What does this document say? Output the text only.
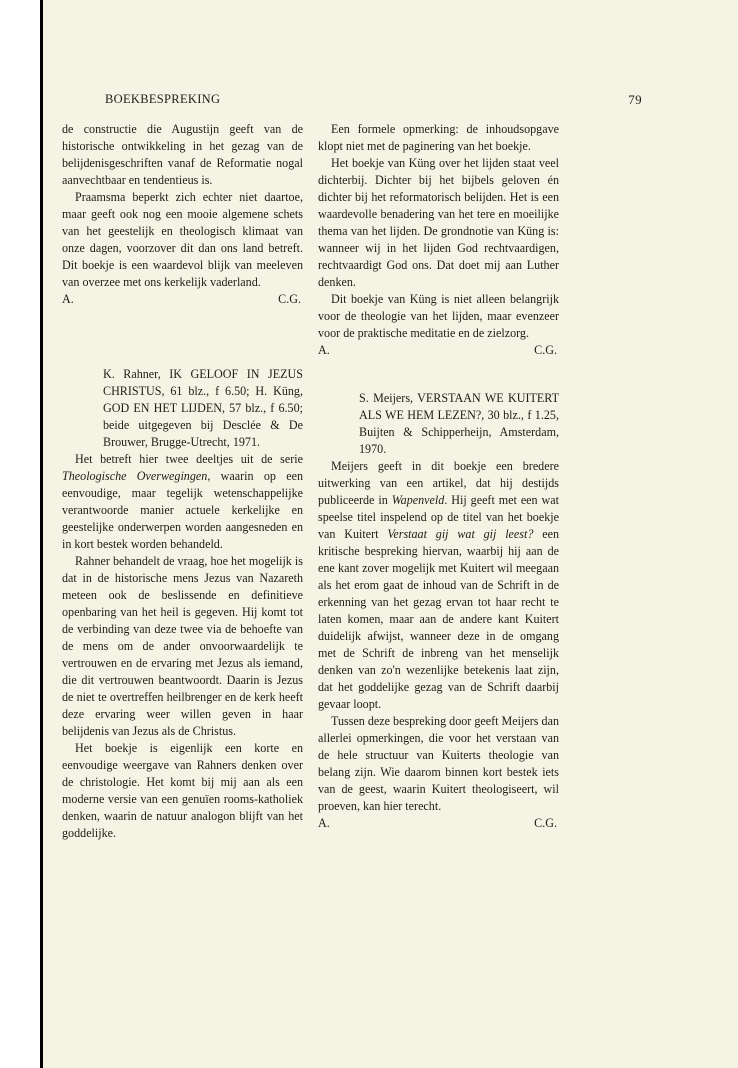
BOEKBESPREKING	79

de constructie die Augustijn geeft van de historische ontwikkeling in het gezag van de belijdenisgeschriften vanaf de Reformatie nogal aanvechtbaar en tendentieus is.

Praamsma beperkt zich echter niet daartoe, maar geeft ook nog een mooie algemene schets van het geestelijk en theologisch klimaat van onze dagen, voorzover dit dan ons land betreft. Dit boekje is een waardevol blijk van meeleven van overzee met ons kerkelijk vaderland.

A.	C.G.

K. Rahner, IK GELOOF IN JEZUS CHRISTUS, 61 blz., f 6.50; H. Küng, GOD EN HET LIJDEN, 57 blz., f 6.50; beide uitgegeven bij Desclée & De Brouwer, Brugge-Utrecht, 1971.

Het betreft hier twee deeltjes uit de serie Theologische Overwegingen, waarin op een eenvoudige, maar tegelijk wetenschappelijke verantwoorde manier actuele kerkelijke en geestelijke onderwerpen worden aangesneden en in kort bestek worden behandeld.

Rahner behandelt de vraag, hoe het mogelijk is dat in de historische mens Jezus van Nazareth meteen ook de beslissende en definitieve openbaring van het heil is gegeven. Hij komt tot de verbinding van deze twee via de behoefte van de mens om de ander onvoorwaardelijk te vertrouwen en de ervaring met Jezus als iemand, die dit vertrouwen beantwoordt. Daarin is Jezus de niet te overtreffen heilbrenger en de kerk heeft deze ervaring weer willen geven in haar belijdenis van Jezus als de Christus.

Het boekje is eigenlijk een korte en eenvoudige weergave van Rahners denken over de christologie. Het komt bij mij aan als een moderne versie van een genuïen rooms-katholiek denken, waarin de natuur analogon blijft van het goddelijke.

Een formele opmerking: de inhoudsopgave klopt niet met de paginering van het boekje.

Het boekje van Küng over het lijden staat veel dichterbij. Dichter bij het bijbels geloven én dichter bij het reformatorisch belijden. Het is een waardevolle benadering van het tere en moeilijke thema van het lijden. De grondnotie van Küng is: wanneer wij in het lijden God rechtvaardigen, rechtvaardigt God ons. Dat doet mij aan Luther denken.

Dit boekje van Küng is niet alleen belangrijk voor de theologie van het lijden, maar evenzeer voor de praktische meditatie en de zielzorg.

A.	C.G.

S. Meijers, VERSTAAN WE KUITERT ALS WE HEM LEZEN?, 30 blz., f 1.25, Buijten & Schipperheijn, Amsterdam, 1970.

Meijers geeft in dit boekje een bredere uitwerking van een artikel, dat hij destijds publiceerde in Wapenveld. Hij geeft met een wat speelse titel inspelend op de titel van het boekje van Kuitert Verstaat gij wat gij leest? een kritische bespreking hiervan, waarbij hij aan de ene kant zover mogelijk met Kuitert wil meegaan als het erom gaat de inhoud van de Schrift in de erkenning van het gezag ervan tot haar recht te laten komen, maar aan de andere kant Kuitert duidelijk afwijst, wanneer deze in de omgang met de Schrift de inbreng van het menselijk denken van zo'n wezenlijke betekenis laat zijn, dat het goddelijke gezag van de Schrift daarbij gevaar loopt.

Tussen deze bespreking door geeft Meijers dan allerlei opmerkingen, die voor het verstaan van de hele structuur van Kuiterts theologie van belang zijn. Wie daarom binnen kort bestek iets van de geest, waarin Kuitert theologiseert, wil proeven, kan hier terecht.

A.	C.G.
